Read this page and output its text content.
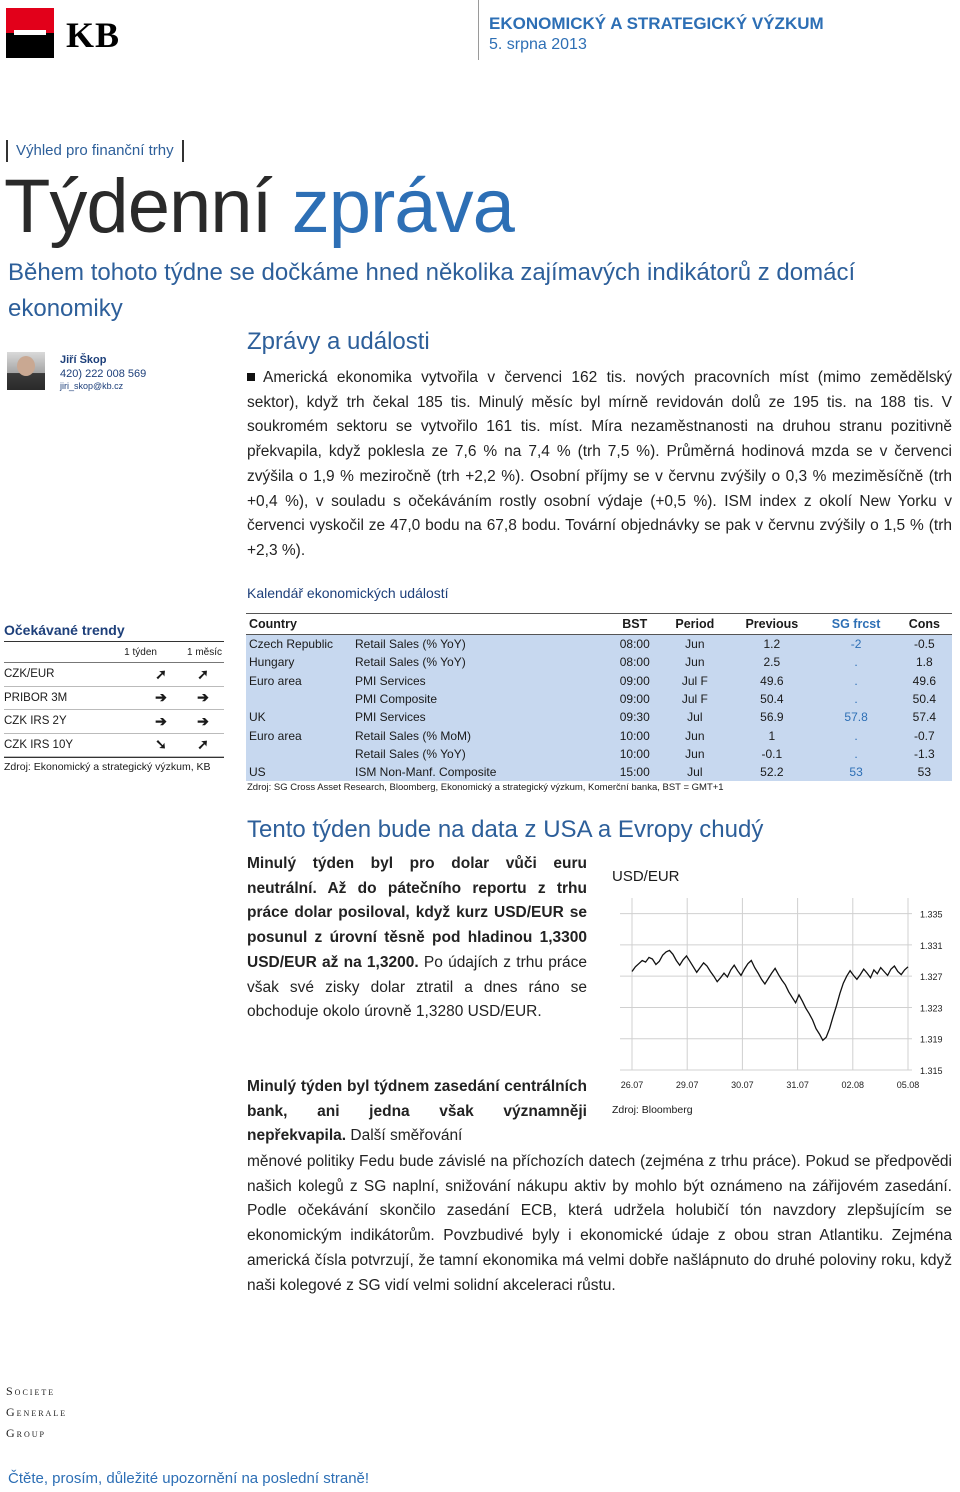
KB	EKONOMICKÝ A STRATEGICKÝ VÝZKUM
5. srpna 2013
Výhled pro finanční trhy
Týdenní zpráva
Během tohoto týdne se dočkáme hned několika zajímavých indikátorů z domácí ekonomiky
Jiří Škop
420) 222 008 569
jiri_skop@kb.cz
Zprávy a události
Americká ekonomika vytvořila v červenci 162 tis. nových pracovních míst (mimo zemědělský sektor), když trh čekal 185 tis. Minulý měsíc byl mírně revidován dolů ze 195 tis. na 188 tis. V soukromém sektoru se vytvořilo 161 tis. míst. Míra nezaměstnanosti na druhou stranu pozitivně překvapila, když poklesla ze 7,6 % na 7,4 % (trh 7,5 %). Průměrná hodinová mzda se v červenci zvýšila o 1,9 % meziročně (trh +2,2 %). Osobní příjmy se v červnu zvýšily o 0,3 % meziměsíčně (trh +0,4 %), v souladu s očekáváním rostly osobní výdaje (+0,5 %). ISM index z okolí New Yorku v červenci vyskočil ze 47,0 bodu na 67,8 bodu. Tovární objednávky se pak v červnu zvýšily o 1,5 % (trh +2,3 %).
Očekávané trendy
1 týden	1 měsíc
CZK/EUR	➚	➚
PRIBOR 3M	➔	➔
CZK IRS 2Y	➔	➔
CZK IRS 10Y	➘	➚
Zdroj: Ekonomický a strategický výzkum, KB
Kalendář ekonomických událostí
Country		BST	Period	Previous	SG frcst	Cons
Czech Republic	Retail Sales (% YoY)	08:00	Jun	1.2	-2	-0.5
Hungary	Retail Sales (% YoY)	08:00	Jun	2.5	.	1.8
Euro area	PMI Services	09:00	Jul F	49.6	.	49.6
	PMI Composite	09:00	Jul F	50.4	.	50.4
UK	PMI Services	09:30	Jul	56.9	57.8	57.4
Euro area	Retail Sales (% MoM)	10:00	Jun	1	.	-0.7
	Retail Sales (% YoY)	10:00	Jun	-0.1	.	-1.3
US	ISM Non-Manf. Composite	15:00	Jul	52.2	53	53
Zdroj: SG Cross Asset Research, Bloomberg, Ekonomický a strategický výzkum, Komerční banka, BST = GMT+1
Tento týden bude na data z USA a Evropy chudý
Minulý týden byl pro dolar vůči euru neutrální. Až do pátečního reportu z trhu práce dolar posiloval, když kurz USD/EUR se posunul z úrovní těsně pod hladinou 1,3300 USD/EUR až na 1,3200. Po údajích z trhu práce však své zisky dolar ztratil a dnes ráno se obchoduje okolo úrovně 1,3280 USD/EUR.
Minulý týden byl týdnem zasedání centrálních bank, ani jedna však významněji nepřekvapila. Další směřování
měnové politiky Fedu bude závislé na příchozích datech (zejména z trhu práce). Pokud se předpovědi našich kolegů z SG naplní, snižování nákupu aktiv by mohlo být oznámeno na zářijovém zasedání. Podle očekávání skončilo zasedání ECB, která udržela holubičí tón navzdory zlepšujícím se ekonomickým indikátorům. Povzbudivé byly i ekonomické údaje z obou stran Atlantiku. Zejména americká čísla potvrzují, že tamní ekonomika má velmi dobře našlápnuto do druhé poloviny roku, když naši kolegové z SG vidí velmi solidní akceleraci růstu.
USD/EUR
1.335
1.331
1.327
1.323
1.319
1.315
26.07	29.07	30.07	31.07	02.08	05.08
Zdroj: Bloomberg
Societe
Generale
Group
Čtěte, prosím, důležité upozornění na poslední straně!
